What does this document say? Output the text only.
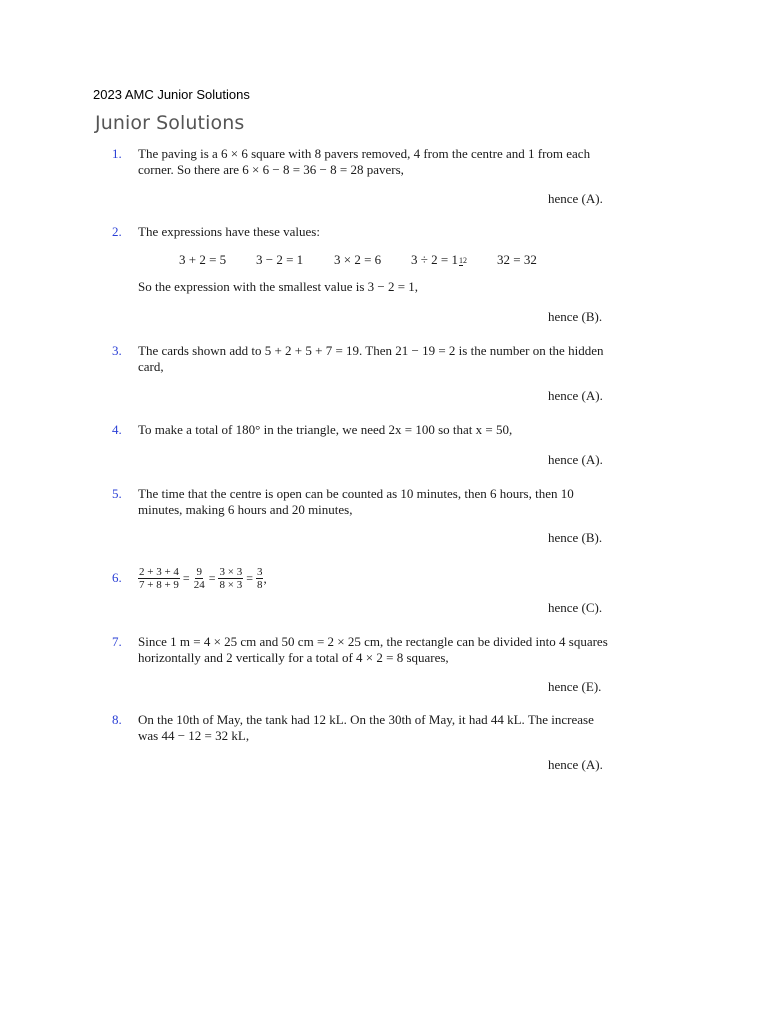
2023 AMC Junior Solutions
Junior Solutions
1. The paving is a 6 × 6 square with 8 pavers removed, 4 from the centre and 1 from each corner. So there are 6 × 6 − 8 = 36 − 8 = 28 pavers,
hence (A).
2. The expressions have these values:
3 + 2 = 5	3 − 2 = 1	3 × 2 = 6	3 ÷ 2 = 112	32 = 32
So the expression with the smallest value is 3 − 2 = 1,
hence (B).
3. The cards shown add to 5 + 2 + 5 + 7 = 19. Then 21 − 19 = 2 is the number on the hidden card,
hence (A).
4. To make a total of 180° in the triangle, we need 2x = 100 so that x = 50,
hence (A).
5. The time that the centre is open can be counted as 10 minutes, then 6 hours, then 10 minutes, making 6 hours and 20 minutes,
hence (B).
6. $\frac{2 + 3 + 4}{7 + 8 + 9} = \frac{9}{24} = \frac{3 \times 3}{8 \times 3} = \frac{3}{8}$ ,
hence (C).
7. Since 1 m = 4 × 25 cm and 50 cm = 2 × 25 cm, the rectangle can be divided into 4 squares horizontally and 2 vertically for a total of 4 × 2 = 8 squares,
hence (E).
8. On the 10th of May, the tank had 12 kL. On the 30th of May, it had 44 kL. The increase was 44 − 12 = 32 kL,
hence (A).
